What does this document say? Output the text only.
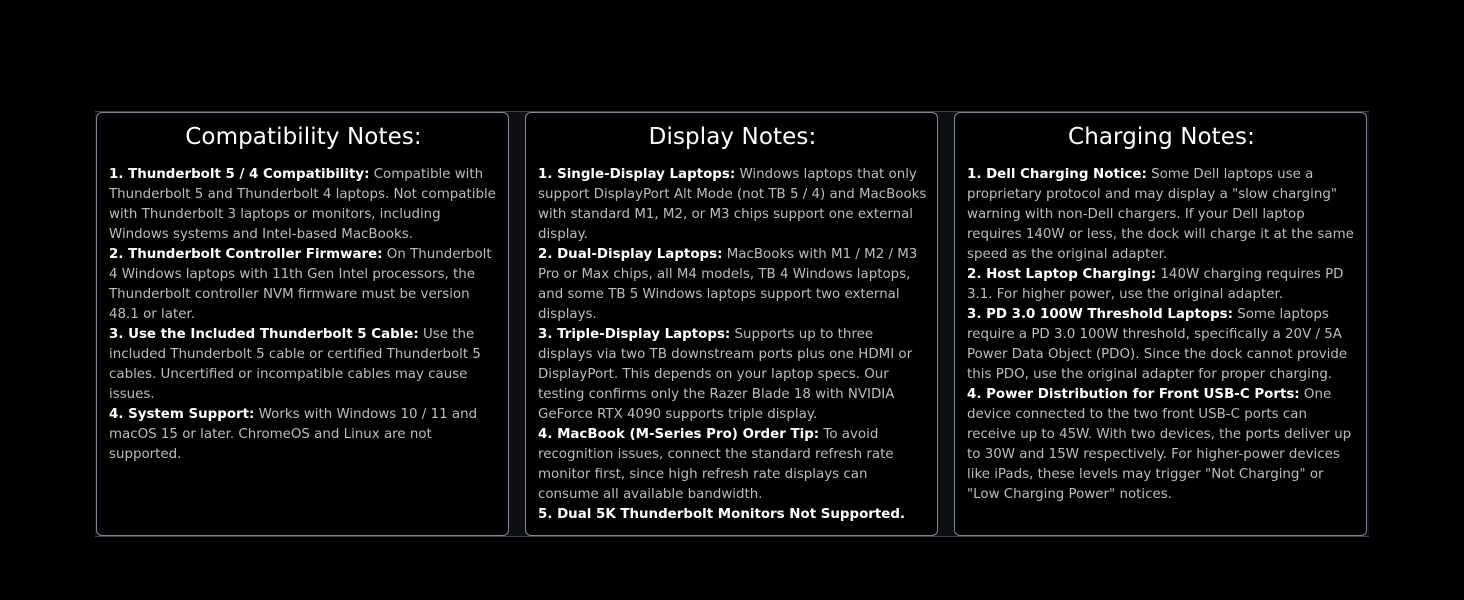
Compatibility Notes:

1. Thunderbolt 5 / 4 Compatibility: Compatible with Thunderbolt 5 and Thunderbolt 4 laptops. Not compatible with Thunderbolt 3 laptops or monitors, including Windows systems and Intel-based MacBooks.

2. Thunderbolt Controller Firmware: On Thunderbolt 4 Windows laptops with 11th Gen Intel processors, the Thunderbolt controller NVM firmware must be version 48.1 or later.

3. Use the Included Thunderbolt 5 Cable: Use the included Thunderbolt 5 cable or certified Thunderbolt 5 cables. Uncertified or incompatible cables may cause issues.

4. System Support: Works with Windows 10 / 11 and macOS 15 or later. ChromeOS and Linux are not supported.

Display Notes:

1. Single-Display Laptops: Windows laptops that only support DisplayPort Alt Mode (not TB 5 / 4) and MacBooks with standard M1, M2, or M3 chips support one external display.

2. Dual-Display Laptops: MacBooks with M1 / M2 / M3 Pro or Max chips, all M4 models, TB 4 Windows laptops, and some TB 5 Windows laptops support two external displays.

3. Triple-Display Laptops: Supports up to three displays via two TB downstream ports plus one HDMI or DisplayPort. This depends on your laptop specs. Our testing confirms only the Razer Blade 18 with NVIDIA GeForce RTX 4090 supports triple display.

4. MacBook (M-Series Pro) Order Tip: To avoid recognition issues, connect the standard refresh rate monitor first, since high refresh rate displays can consume all available bandwidth.

5. Dual 5K Thunderbolt Monitors Not Supported.

Charging Notes:

1. Dell Charging Notice: Some Dell laptops use a proprietary protocol and may display a "slow charging" warning with non-Dell chargers. If your Dell laptop requires 140W or less, the dock will charge it at the same speed as the original adapter.

2. Host Laptop Charging: 140W charging requires PD 3.1. For higher power, use the original adapter.

3. PD 3.0 100W Threshold Laptops: Some laptops require a PD 3.0 100W threshold, specifically a 20V / 5A Power Data Object (PDO). Since the dock cannot provide this PDO, use the original adapter for proper charging.

4. Power Distribution for Front USB-C Ports: One device connected to the two front USB-C ports can receive up to 45W. With two devices, the ports deliver up to 30W and 15W respectively. For higher-power devices like iPads, these levels may trigger "Not Charging" or "Low Charging Power" notices.
